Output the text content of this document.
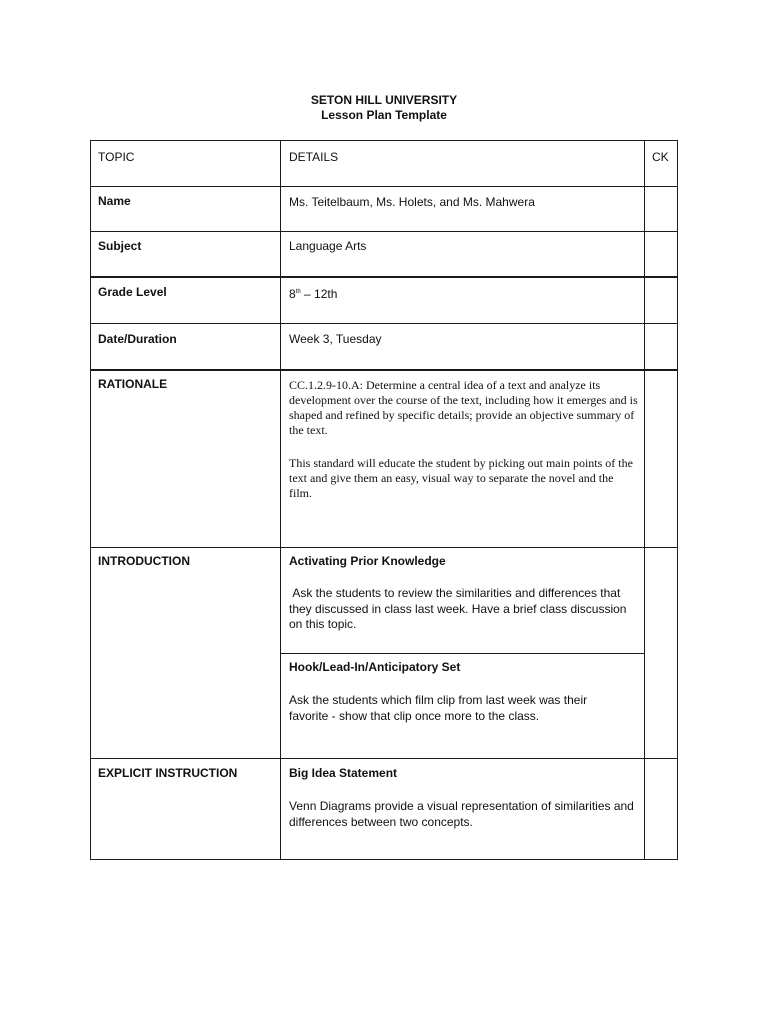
SETON HILL UNIVERSITY
Lesson Plan Template
TOPIC	DETAILS	CK
Name	Ms. Teitelbaum, Ms. Holets, and Ms. Mahwera
Subject	Language Arts
Grade Level	8th – 12th
Date/Duration	Week 3, Tuesday
RATIONALE	CC.1.2.9-10.A: Determine a central idea of a text and analyze its development over the course of the text, including how it emerges and is shaped and refined by specific details; provide an objective summary of the text.
This standard will educate the student by picking out main points of the text and give them an easy, visual way to separate the novel and the film.
INTRODUCTION	Activating Prior Knowledge
Ask the students to review the similarities and differences that they discussed in class last week. Have a brief class discussion on this topic.
Hook/Lead-In/Anticipatory Set
Ask the students which film clip from last week was their favorite - show that clip once more to the class.
EXPLICIT INSTRUCTION	Big Idea Statement
Venn Diagrams provide a visual representation of similarities and differences between two concepts.
